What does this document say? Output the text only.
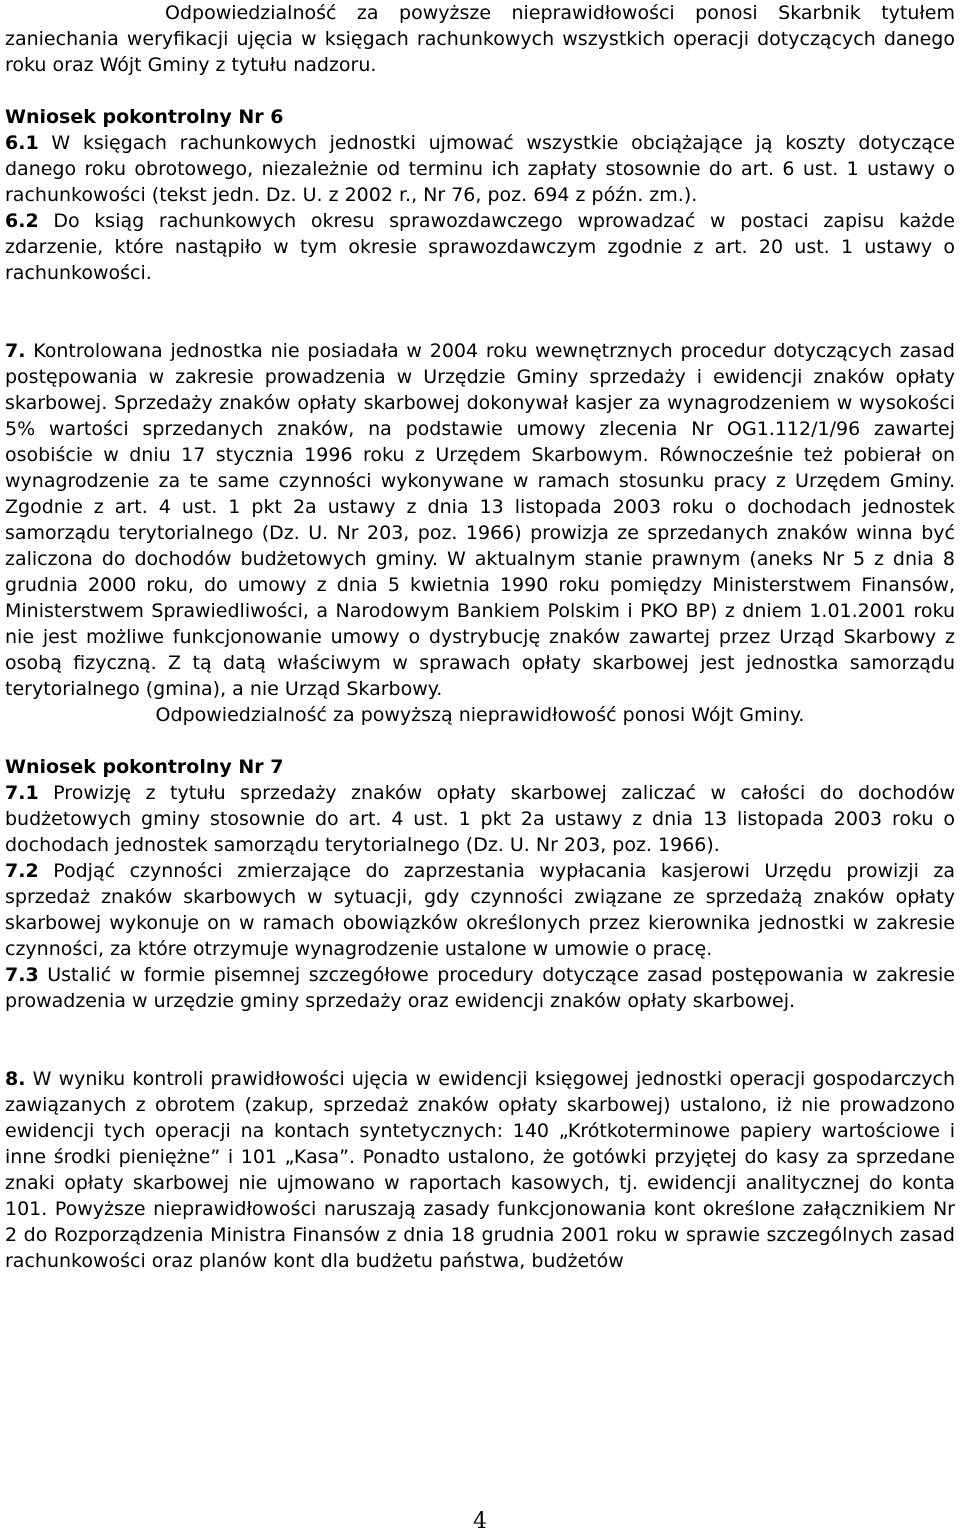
Odpowiedzialność za powyższe nieprawidłowości ponosi Skarbnik tytułem zaniechania weryfikacji ujęcia w księgach rachunkowych wszystkich operacji dotyczących danego roku oraz Wójt Gminy z tytułu nadzoru.

Wniosek pokontrolny Nr 6

6.1 W księgach rachunkowych jednostki ujmować wszystkie obciążające ją koszty dotyczące danego roku obrotowego, niezależnie od terminu ich zapłaty stosownie do art. 6 ust. 1 ustawy o rachunkowości (tekst jedn. Dz. U. z 2002 r., Nr 76, poz. 694 z późn. zm.).

6.2 Do ksiąg rachunkowych okresu sprawozdawczego wprowadzać w postaci zapisu każde zdarzenie, które nastąpiło w tym okresie sprawozdawczym zgodnie z art. 20 ust. 1 ustawy o rachunkowości.

7. Kontrolowana jednostka nie posiadała w 2004 roku wewnętrznych procedur dotyczących zasad postępowania w zakresie prowadzenia w Urzędzie Gminy sprzedaży i ewidencji znaków opłaty skarbowej. Sprzedaży znaków opłaty skarbowej dokonywał kasjer za wynagrodzeniem w wysokości 5% wartości sprzedanych znaków, na podstawie umowy zlecenia Nr OG1.112/1/96 zawartej osobiście w dniu 17 stycznia 1996 roku z Urzędem Skarbowym. Równocześnie też pobierał on wynagrodzenie za te same czynności wykonywane w ramach stosunku pracy z Urzędem Gminy. Zgodnie z art. 4 ust. 1 pkt 2a ustawy z dnia 13 listopada 2003 roku o dochodach jednostek samorządu terytorialnego (Dz. U. Nr 203, poz. 1966) prowizja ze sprzedanych znaków winna być zaliczona do dochodów budżetowych gminy. W aktualnym stanie prawnym (aneks Nr 5 z dnia 8 grudnia 2000 roku, do umowy z dnia 5 kwietnia 1990 roku pomiędzy Ministerstwem Finansów, Ministerstwem Sprawiedliwości, a Narodowym Bankiem Polskim i PKO BP) z dniem 1.01.2001 roku nie jest możliwe funkcjonowanie umowy o dystrybucję znaków zawartej przez Urząd Skarbowy z osobą fizyczną. Z tą datą właściwym w sprawach opłaty skarbowej jest jednostka samorządu terytorialnego (gmina), a nie Urząd Skarbowy.

Odpowiedzialność za powyższą nieprawidłowość ponosi Wójt Gminy.

Wniosek pokontrolny Nr 7

7.1 Prowizję z tytułu sprzedaży znaków opłaty skarbowej zaliczać w całości do dochodów budżetowych gminy stosownie do art. 4 ust. 1 pkt 2a ustawy z dnia 13 listopada 2003 roku o dochodach jednostek samorządu terytorialnego (Dz. U. Nr 203, poz. 1966).

7.2 Podjąć czynności zmierzające do zaprzestania wypłacania kasjerowi Urzędu prowizji za sprzedaż znaków skarbowych w sytuacji, gdy czynności związane ze sprzedażą znaków opłaty skarbowej wykonuje on w ramach obowiązków określonych przez kierownika jednostki w zakresie czynności, za które otrzymuje wynagrodzenie ustalone w umowie o pracę.

7.3 Ustalić w formie pisemnej szczegółowe procedury dotyczące zasad postępowania w zakresie prowadzenia w urzędzie gminy sprzedaży oraz ewidencji znaków opłaty skarbowej.

8. W wyniku kontroli prawidłowości ujęcia w ewidencji księgowej jednostki operacji gospodarczych zawiązanych z obrotem (zakup, sprzedaż znaków opłaty skarbowej) ustalono, iż nie prowadzono ewidencji tych operacji na kontach syntetycznych: 140 „Krótkoterminowe papiery wartościowe i inne środki pieniężne” i 101 „Kasa”. Ponadto ustalono, że gotówki przyjętej do kasy za sprzedane znaki opłaty skarbowej nie ujmowano w raportach kasowych, tj. ewidencji analitycznej do konta 101. Powyższe nieprawidłowości naruszają zasady funkcjonowania kont określone załącznikiem Nr 2 do Rozporządzenia Ministra Finansów z dnia 18 grudnia 2001 roku w sprawie szczególnych zasad rachunkowości oraz planów kont dla budżetu państwa, budżetów

4
